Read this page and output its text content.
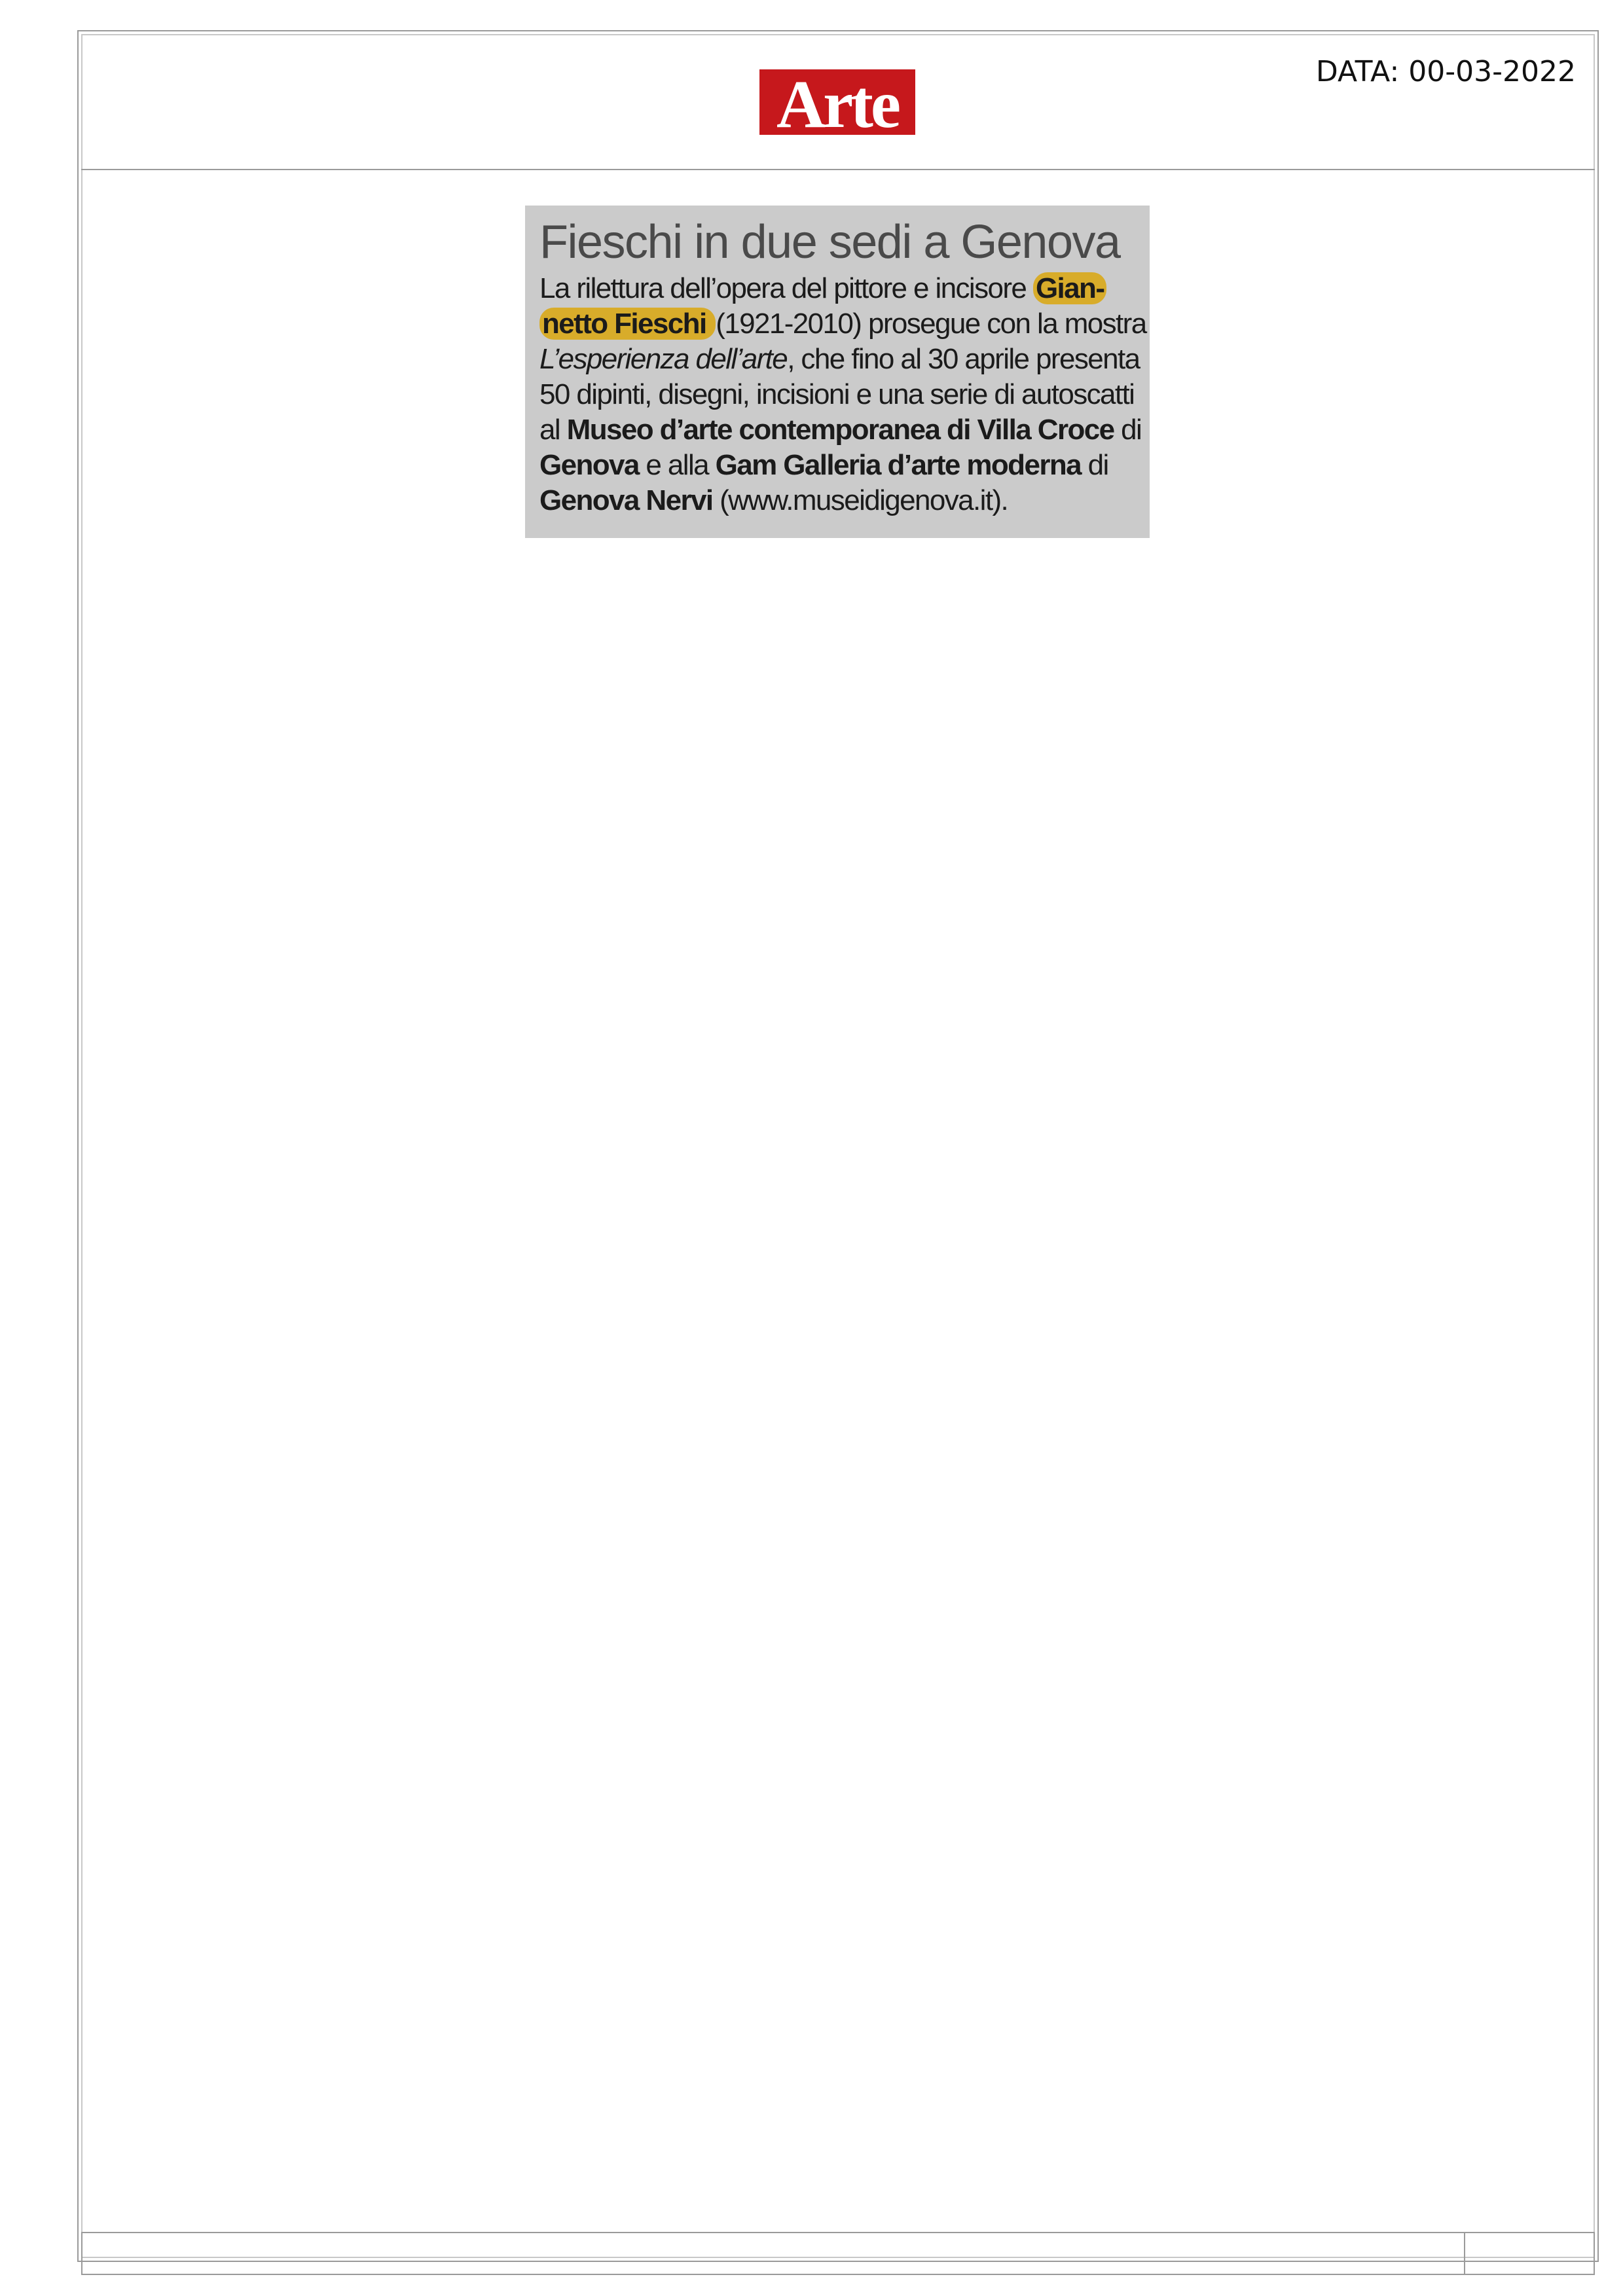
Arte	DATA: 00-03-2022
Fieschi in due sedi a Genova
La rilettura dell’opera del pittore e incisore Gian-
netto Fieschi (1921-2010) prosegue con la mostra
L’esperienza dell’arte, che fino al 30 aprile presenta
50 dipinti, disegni, incisioni e una serie di autoscatti
al Museo d’arte contemporanea di Villa Croce di
Genova e alla Gam Galleria d’arte moderna di
Genova Nervi (www.museidigenova.it).
